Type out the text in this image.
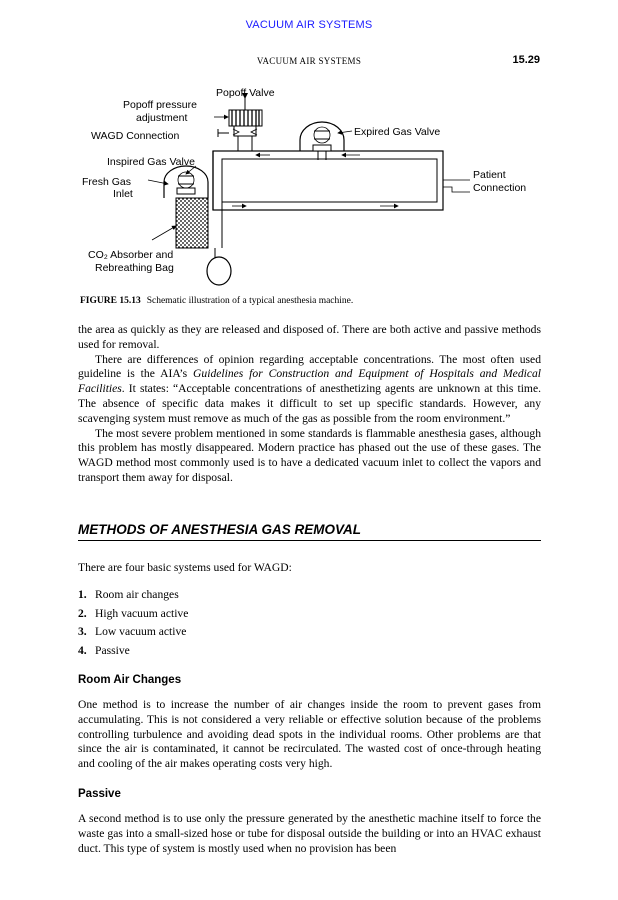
VACUUM AIR SYSTEMS
VACUUM AIR SYSTEMS	15.29
Popoff Valve
Popoff pressure
adjustment
WAGD Connection
Inspired Gas Valve
Fresh Gas
Inlet
Expired Gas Valve
Patient
Connection
CO₂ Absorber and
Rebreathing Bag
FIGURE 15.13 Schematic illustration of a typical anesthesia machine.

the area as quickly as they are released and disposed of. There are both active and passive methods used for removal.

There are differences of opinion regarding acceptable concentrations. The most often used guideline is the AIA’s Guidelines for Construction and Equipment of Hospitals and Medical Facilities. It states: “Acceptable concentrations of anesthetizing agents are unknown at this time. The absence of specific data makes it difficult to set up specific standards. However, any scavenging system must remove as much of the gas as possible from the room environment.”

The most severe problem mentioned in some standards is flammable anesthesia gases, although this problem has mostly disappeared. Modern practice has phased out the use of these gases. The WAGD method most commonly used is to have a dedicated vacuum inlet to collect the vapors and transport them away for disposal.

METHODS OF ANESTHESIA GAS REMOVAL
There are four basic systems used for WAGD:
1. Room air changes
2. High vacuum active
3. Low vacuum active
4. Passive
Room Air Changes
One method is to increase the number of air changes inside the room to prevent gases from accumulating. This is not considered a very reliable or effective solution because of the problems controlling turbulence and avoiding dead spots in the individual rooms. Other problems are that since the air is contaminated, it cannot be recirculated. The wasted cost of once-through heating and cooling of the air makes operating costs very high.
Passive
A second method is to use only the pressure generated by the anesthetic machine itself to force the waste gas into a small-sized hose or tube for disposal outside the building or into an HVAC exhaust duct. This type of system is mostly used when no provision has been
